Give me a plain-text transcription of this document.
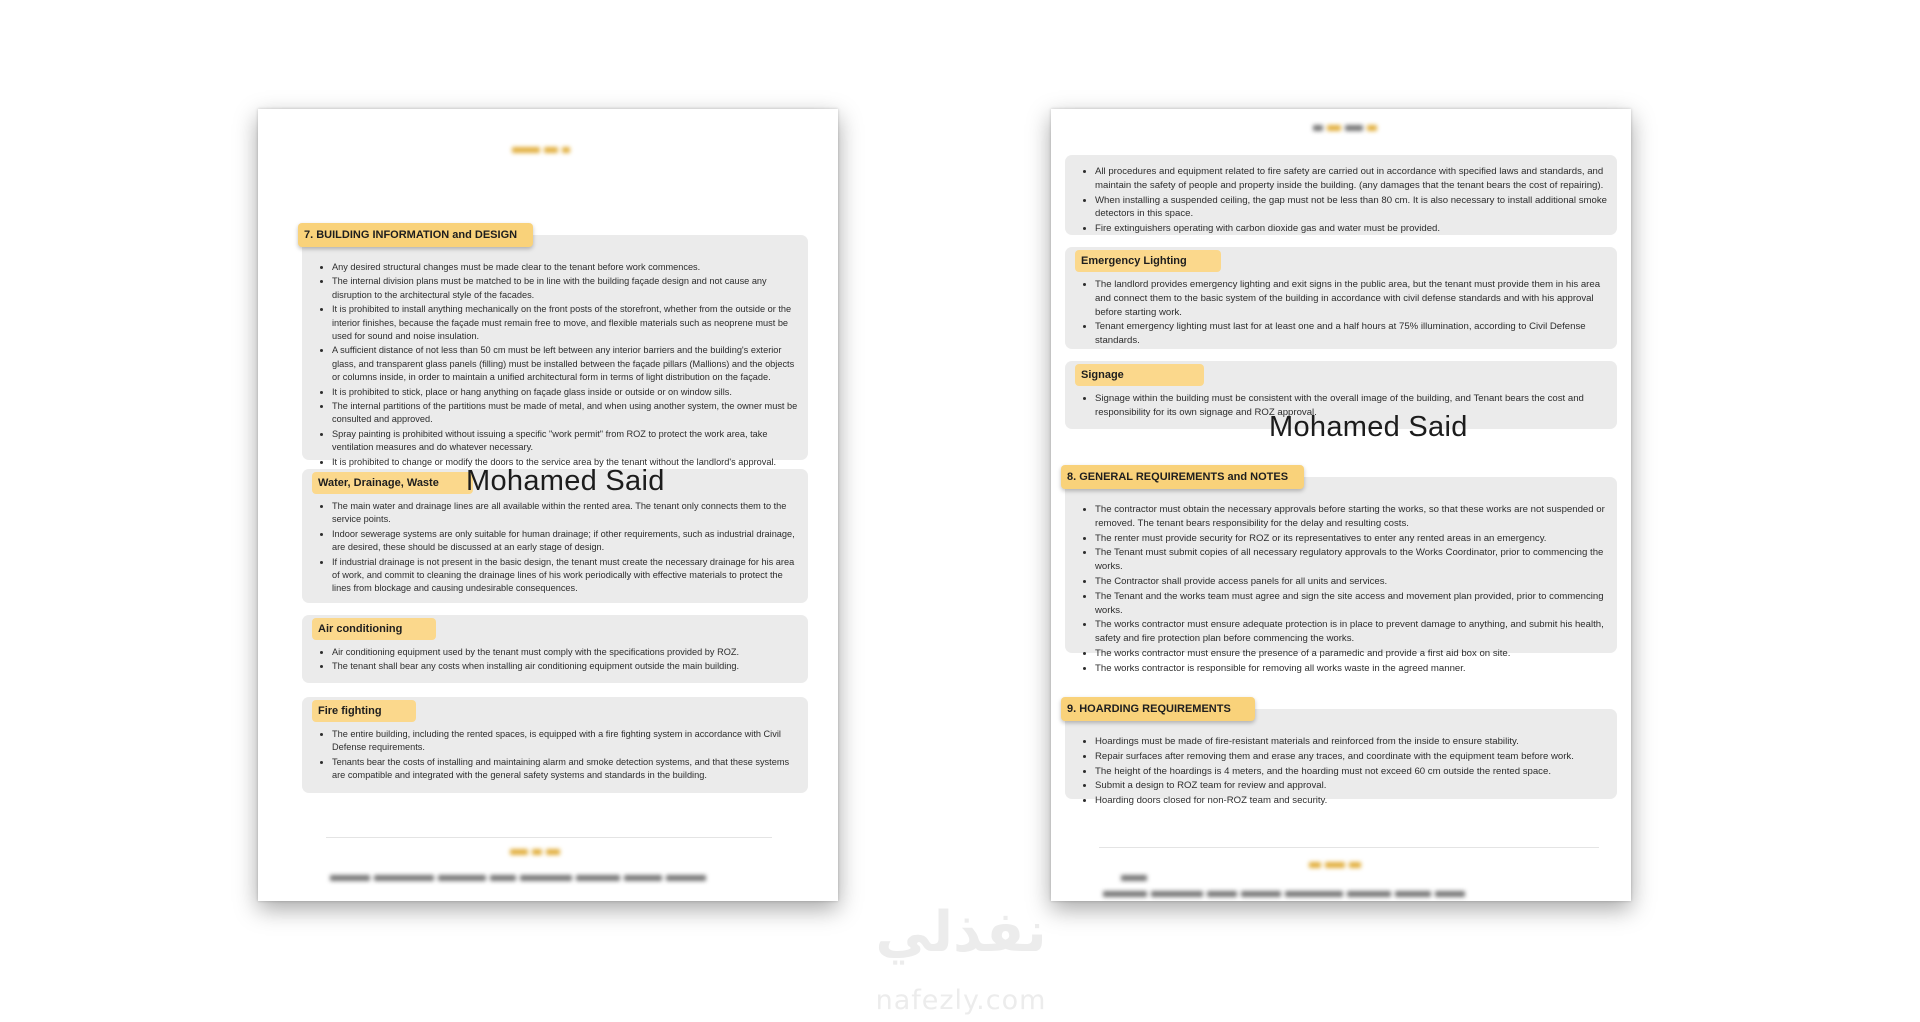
7. BUILDING INFORMATION and DESIGN
• Any desired structural changes must be made clear to the tenant before work commences.
• The internal division plans must be matched to be in line with the building façade design and not cause any disruption to the architectural style of the facades.
• It is prohibited to install anything mechanically on the front posts of the storefront, whether from the outside or the interior finishes, because the façade must remain free to move, and flexible materials such as neoprene must be used for sound and noise insulation.
• A sufficient distance of not less than 50 cm must be left between any interior barriers and the building's exterior glass, and transparent glass panels (filling) must be installed between the façade pillars (Mallions) and the objects or columns inside, in order to maintain a unified architectural form in terms of light distribution on the façade.
• It is prohibited to stick, place or hang anything on façade glass inside or outside or on window sills.
• The internal partitions of the partitions must be made of metal, and when using another system, the owner must be consulted and approved.
• Spray painting is prohibited without issuing a specific "work permit" from ROZ to protect the work area, take ventilation measures and do whatever necessary.
• It is prohibited to change or modify the doors to the service area by the tenant without the landlord's approval.
Water, Drainage, Waste
• The main water and drainage lines are all available within the rented area. The tenant only connects them to the service points.
• Indoor sewerage systems are only suitable for human drainage; if other requirements, such as industrial drainage, are desired, these should be discussed at an early stage of design.
• If industrial drainage is not present in the basic design, the tenant must create the necessary drainage for his area of work, and commit to cleaning the drainage lines of his work periodically with effective materials to protect the lines from blockage and causing undesirable consequences.
Mohamed Said
Air conditioning
• Air conditioning equipment used by the tenant must comply with the specifications provided by ROZ.
• The tenant shall bear any costs when installing air conditioning equipment outside the main building.
Fire fighting
• The entire building, including the rented spaces, is equipped with a fire fighting system in accordance with Civil Defense requirements.
• Tenants bear the costs of installing and maintaining alarm and smoke detection systems, and that these systems are compatible and integrated with the general safety systems and standards in the building.
• All procedures and equipment related to fire safety are carried out in accordance with specified laws and standards, and maintain the safety of people and property inside the building. (any damages that the tenant bears the cost of repairing).
• When installing a suspended ceiling, the gap must not be less than 80 cm. It is also necessary to install additional smoke detectors in this space.
• Fire extinguishers operating with carbon dioxide gas and water must be provided.
Emergency Lighting
• The landlord provides emergency lighting and exit signs in the public area, but the tenant must provide them in his area and connect them to the basic system of the building in accordance with civil defense standards and with his approval before starting work.
• Tenant emergency lighting must last for at least one and a half hours at 75% illumination, according to Civil Defense standards.
Signage
• Signage within the building must be consistent with the overall image of the building, and Tenant bears the cost and responsibility for its own signage and ROZ approval.
Mohamed Said
8. GENERAL REQUIREMENTS and NOTES
• The contractor must obtain the necessary approvals before starting the works, so that these works are not suspended or removed. The tenant bears responsibility for the delay and resulting costs.
• The renter must provide security for ROZ or its representatives to enter any rented areas in an emergency.
• The Tenant must submit copies of all necessary regulatory approvals to the Works Coordinator, prior to commencing the works.
• The Contractor shall provide access panels for all units and services.
• The Tenant and the works team must agree and sign the site access and movement plan provided, prior to commencing works.
• The works contractor must ensure adequate protection is in place to prevent damage to anything, and submit his health, safety and fire protection plan before commencing the works.
• The works contractor must ensure the presence of a paramedic and provide a first aid box on site.
• The works contractor is responsible for removing all works waste in the agreed manner.
9. HOARDING REQUIREMENTS
• Hoardings must be made of fire-resistant materials and reinforced from the inside to ensure stability.
• Repair surfaces after removing them and erase any traces, and coordinate with the equipment team before work.
• The height of the hoardings is 4 meters, and the hoarding must not exceed 60 cm outside the rented space.
• Submit a design to ROZ team for review and approval.
• Hoarding doors closed for non-ROZ team and security.
نفذلي
nafezly.com
